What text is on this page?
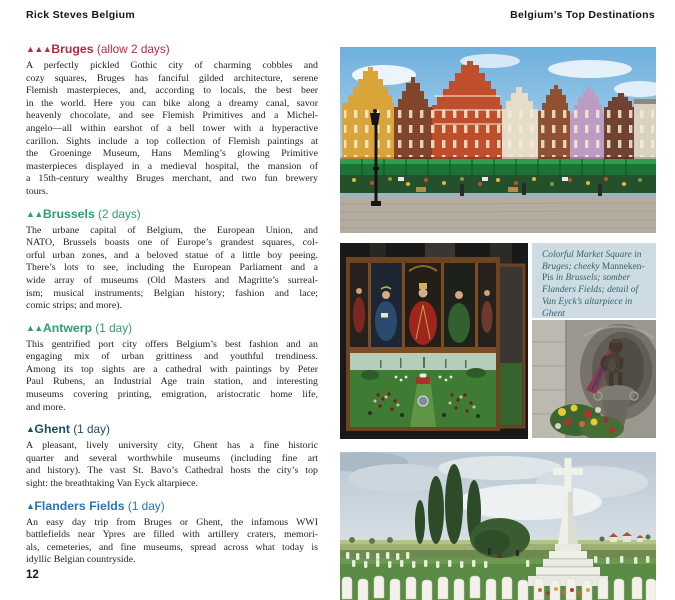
Rick Steves Belgium	Belgium’s Top Destinations
▲▲▲Bruges (allow 2 days)
A perfectly pickled Gothic city of charming cobbles and
cozy squares, Bruges has fanciful gilded architecture, serene
Flemish masterpieces, and, according to locals, the best beer
in the world. Here you can bike along a dreamy canal, savor
heavenly chocolate, and see Flemish Primitives and a Michel-
angelo—all within earshot of a bell tower with a hyperactive
carillon. Sights include a top collection of Flemish paintings at
the Groeninge Museum, Hans Memling’s glowing Primitive
masterpieces displayed in a medieval hospital, the mansion of
a 15th-century wealthy Bruges merchant, and two fun brewery
tours.
▲▲Brussels (2 days)
The urbane capital of Belgium, the European Union, and
NATO, Brussels boasts one of Europe’s grandest squares, col-
orful urban zones, and a beloved statue of a little boy peeing.
There’s lots to see, including the European Parliament and a
wide array of museums (Old Masters and Magritte’s surreal-
ism; musical instruments; Belgian history; fashion and lace;
comic strips; and more).
▲▲Antwerp (1 day)
This gentrified port city offers Belgium’s best fashion and an
engaging mix of urban grittiness and youthful trendiness.
Among its top sights are a cathedral with paintings by Peter
Paul Rubens, an Industrial Age train station, and interesting
museums covering printing, emigration, aristocratic home life,
and more.
▲Ghent (1 day)
A pleasant, lively university city, Ghent has a fine historic
quarter and several worthwhile museums (including fine art
and history). The vast St. Bavo’s Cathedral hosts the city’s top
sight: the breathtaking Van Eyck altarpiece.
▲Flanders Fields (1 day)
An easy day trip from Bruges or Ghent, the infamous WWI
battlefields near Ypres are filled with artillery craters, memori-
als, cemeteries, and fine museums, spread across what today is
idyllic Belgian countryside.
Colorful Market Square in Bruges; cheeky Manneken-Pis in Brussels; somber Flanders Fields; detail of Van Eyck’s altarpiece in Ghent
12
